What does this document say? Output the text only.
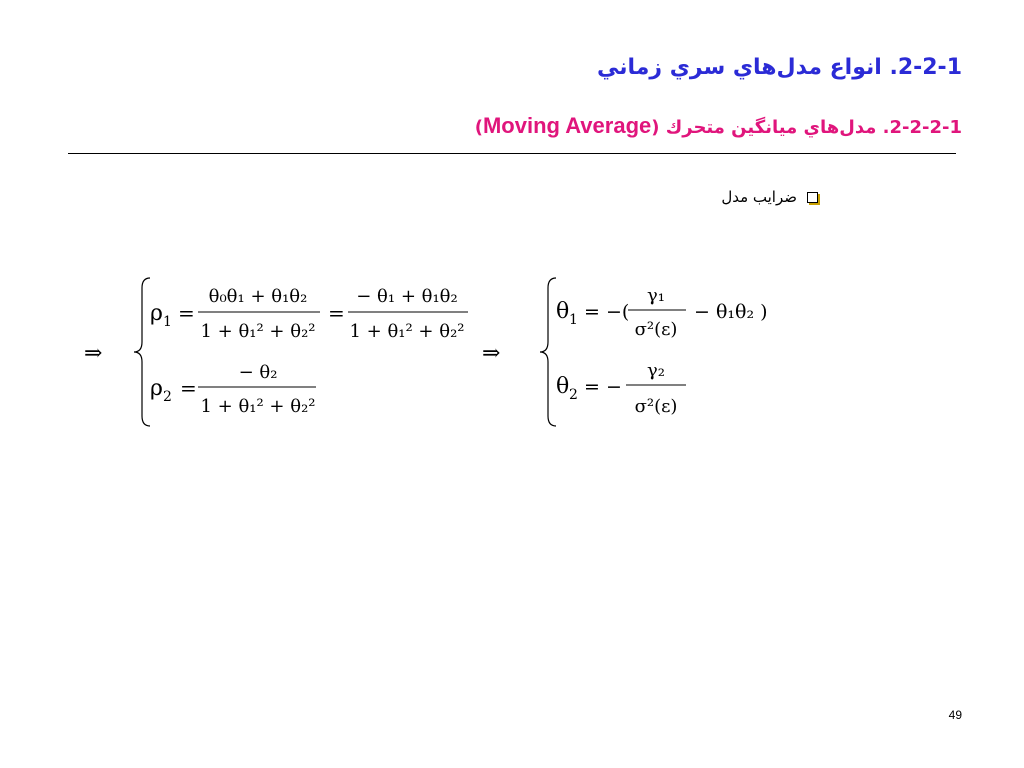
2-2-1. انواع مدل‌هاي سري زماني
2-2-2-1. مدل‌هاي ميانگين متحرك (Moving Average)
ضرايب مدل
⇒
ρ 1 =
θ₀θ₁ + θ₁θ₂
1 + θ₁² + θ₂²
=
− θ₁ + θ₁θ₂
1 + θ₁² + θ₂²
ρ 2 =
− θ₂
1 + θ₁² + θ₂²
⇒
θ 1 = −(
γ₁
σ²(ε)
− θ₁θ₂ )
θ 2 = −
γ₂
σ²(ε)
49
